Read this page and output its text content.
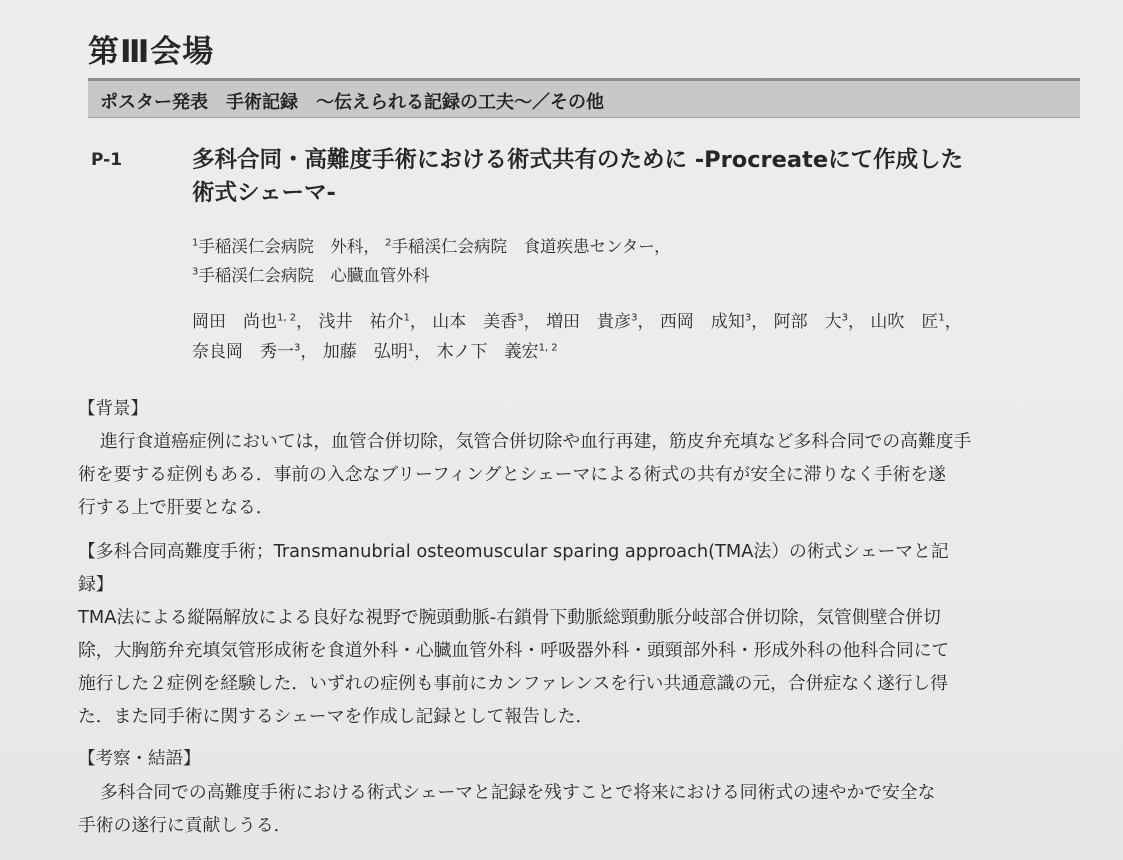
第Ⅲ会場
ポスター発表　手術記録　～伝えられる記録の工夫～／その他
P-1	多科合同・高難度手術における術式共有のために -Procreateにて作成した
術式シェーマ-
$^1$手稲渓仁会病院　外科， $^2$手稲渓仁会病院　食道疾患センター，
$^3$手稲渓仁会病院　心臓血管外科
岡田　尚也$^{1, 2}$， 浅井　祐介$^1$， 山本　美香$^3$， 増田　貴彦$^3$， 西岡　成知$^3$， 阿部　大$^3$， 山吹　匠$^1$，
奈良岡　秀一$^3$， 加藤　弘明$^1$， 木ノ下　義宏$^{1, 2}$
【背景】
進行食道癌症例においては，血管合併切除，気管合併切除や血行再建，筋皮弁充填など多科合同での高難度手
術を要する症例もある．事前の入念なブリーフィングとシェーマによる術式の共有が安全に滞りなく手術を遂
行する上で肝要となる．
【多科合同高難度手術；Transmanubrial osteomuscular sparing approach(TMA法）の術式シェーマと記
録】
TMA法による縦隔解放による良好な視野で腕頭動脈-右鎖骨下動脈総頸動脈分岐部合併切除，気管側壁合併切
除，大胸筋弁充填気管形成術を食道外科・心臓血管外科・呼吸器外科・頭頸部外科・形成外科の他科合同にて
施行した２症例を経験した．いずれの症例も事前にカンファレンスを行い共通意識の元，合併症なく遂行し得
た．また同手術に関するシェーマを作成し記録として報告した．
【考察・結語】
多科合同での高難度手術における術式シェーマと記録を残すことで将来における同術式の速やかで安全な
手術の遂行に貢献しうる．
